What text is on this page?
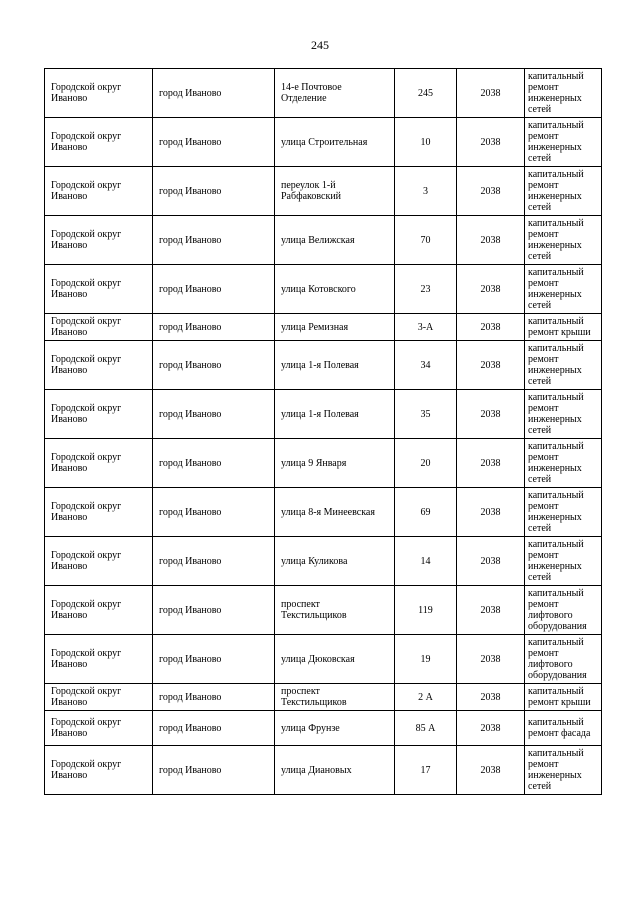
245
Городской округ Иваново	город Иваново	14-е Почтовое Отделение	245	2038	капитальный ремонт инженерных сетей
Городской округ Иваново	город Иваново	улица Строительная	10	2038	капитальный ремонт инженерных сетей
Городской округ Иваново	город Иваново	переулок 1-й Рабфаковский	3	2038	капитальный ремонт инженерных сетей
Городской округ Иваново	город Иваново	улица Велижская	70	2038	капитальный ремонт инженерных сетей
Городской округ Иваново	город Иваново	улица Котовского	23	2038	капитальный ремонт инженерных сетей
Городской округ Иваново	город Иваново	улица Ремизная	3-А	2038	капитальный ремонт крыши
Городской округ Иваново	город Иваново	улица 1-я Полевая	34	2038	капитальный ремонт инженерных сетей
Городской округ Иваново	город Иваново	улица 1-я Полевая	35	2038	капитальный ремонт инженерных сетей
Городской округ Иваново	город Иваново	улица 9 Января	20	2038	капитальный ремонт инженерных сетей
Городской округ Иваново	город Иваново	улица 8-я Минеевская	69	2038	капитальный ремонт инженерных сетей
Городской округ Иваново	город Иваново	улица Куликова	14	2038	капитальный ремонт инженерных сетей
Городской округ Иваново	город Иваново	проспект Текстильщиков	119	2038	капитальный ремонт лифтового оборудования
Городской округ Иваново	город Иваново	улица Дюковская	19	2038	капитальный ремонт лифтового оборудования
Городской округ Иваново	город Иваново	проспект Текстильщиков	2 А	2038	капитальный ремонт крыши
Городской округ Иваново	город Иваново	улица Фрунзе	85 А	2038	капитальный ремонт фасада
Городской округ Иваново	город Иваново	улица Диановых	17	2038	капитальный ремонт инженерных сетей
